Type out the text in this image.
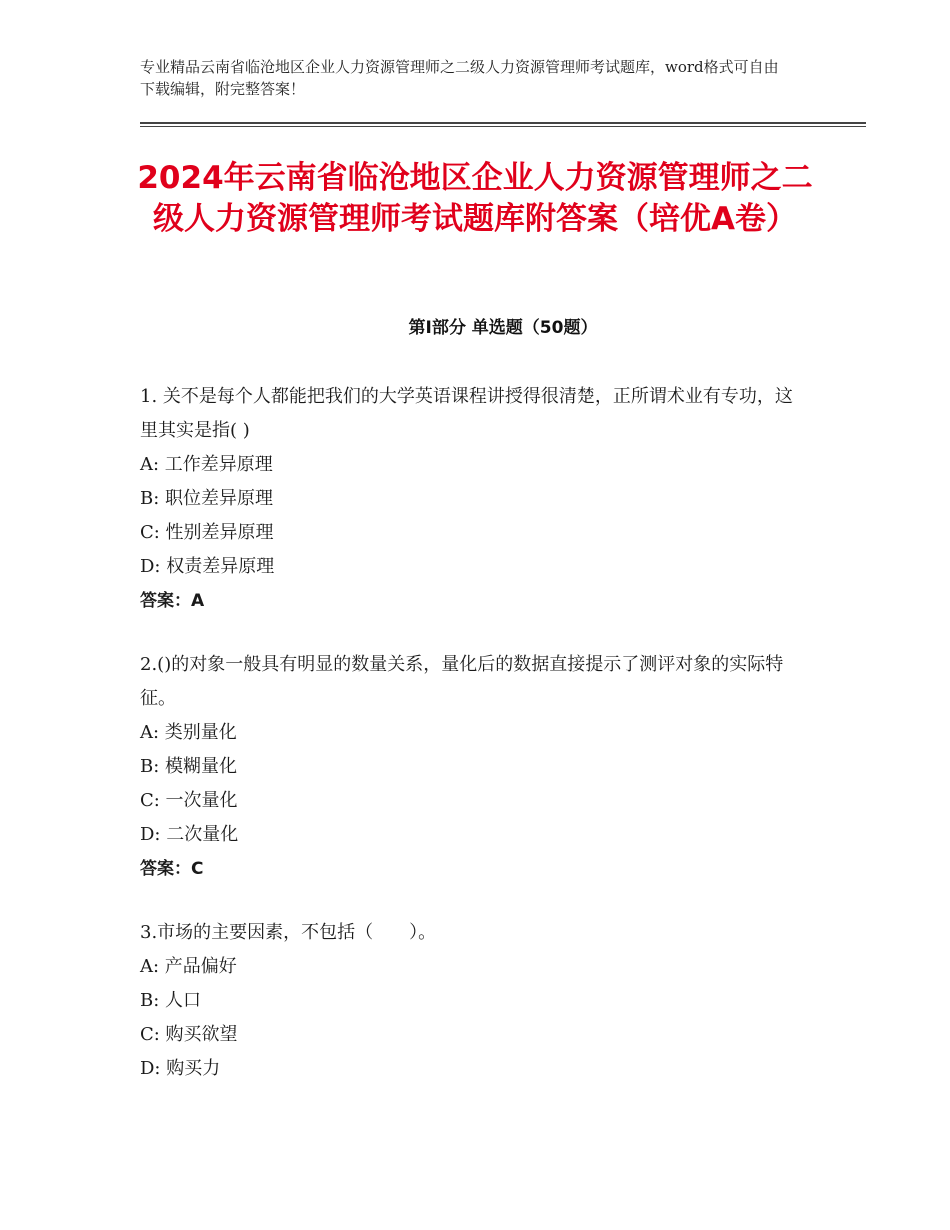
专业精品云南省临沧地区企业人力资源管理师之二级人力资源管理师考试题库，word格式可自由下载编辑，附完整答案！
2024年云南省临沧地区企业人力资源管理师之二级人力资源管理师考试题库附答案（培优A卷）
第Ⅰ部分 单选题（50题）

1. 关不是每个人都能把我们的大学英语课程讲授得很清楚，正所谓术业有专功，这里其实是指( )

A: 工作差异原理

B: 职位差异原理

C: 性别差异原理

D: 权责差异原理

答案：A

2.()的对象一般具有明显的数量关系，量化后的数据直接提示了测评对象的实际特征。

A: 类别量化

B: 模糊量化

C: 一次量化

D: 二次量化

答案：C

3.市场的主要因素，不包括（　　）。

A: 产品偏好

B: 人口

C: 购买欲望

D: 购买力
